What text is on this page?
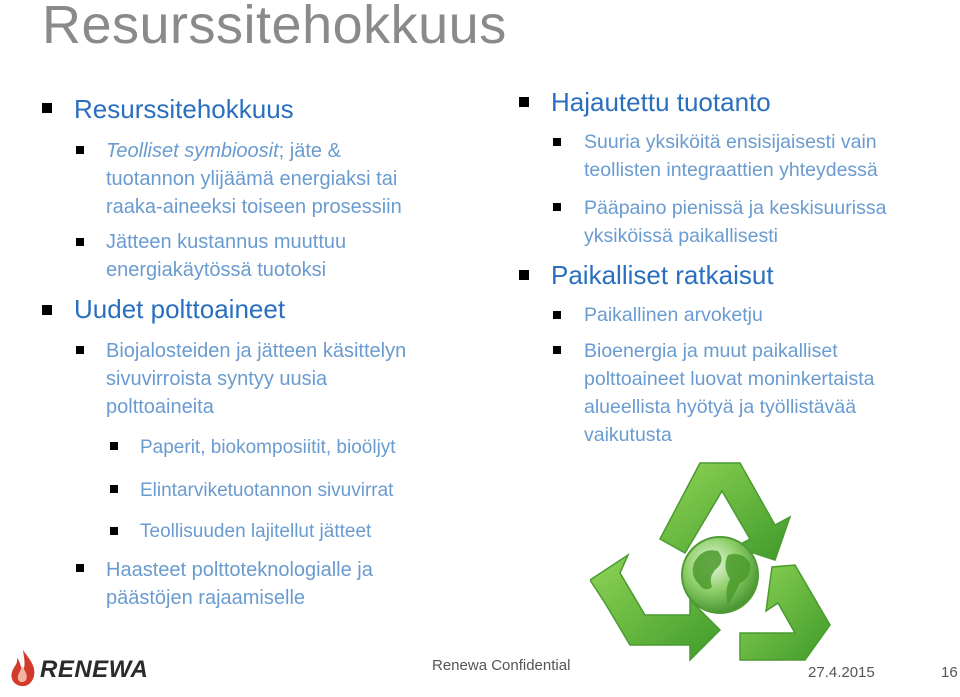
Resurssitehokkuus
Resurssitehokkuus
Teolliset symbioosit; jäte &
tuotannon ylijäämä energiaksi tai
raaka-aineeksi toiseen prosessiin
Jätteen kustannus muuttuu
energiakäytössä tuotoksi
Uudet polttoaineet
Biojalosteiden ja jätteen käsittelyn
sivuvirroista syntyy uusia
polttoaineita
Paperit, biokomposiitit, bioöljyt
Elintarviketuotannon sivuvirrat
Teollisuuden lajitellut jätteet
Haasteet polttoteknologialle ja
päästöjen rajaamiselle
Hajautettu tuotanto
Suuria yksiköitä ensisijaisesti vain
teollisten integraattien yhteydessä
Pääpaino pienissä ja keskisuurissa
yksiköissä paikallisesti
Paikalliset ratkaisut
Paikallinen arvoketju
Bioenergia ja muut paikalliset
polttoaineet luovat moninkertaista
alueellista hyötyä ja työllistävää
vaikutusta
RENEWA	Renewa Confidential	27.4.2015	16
